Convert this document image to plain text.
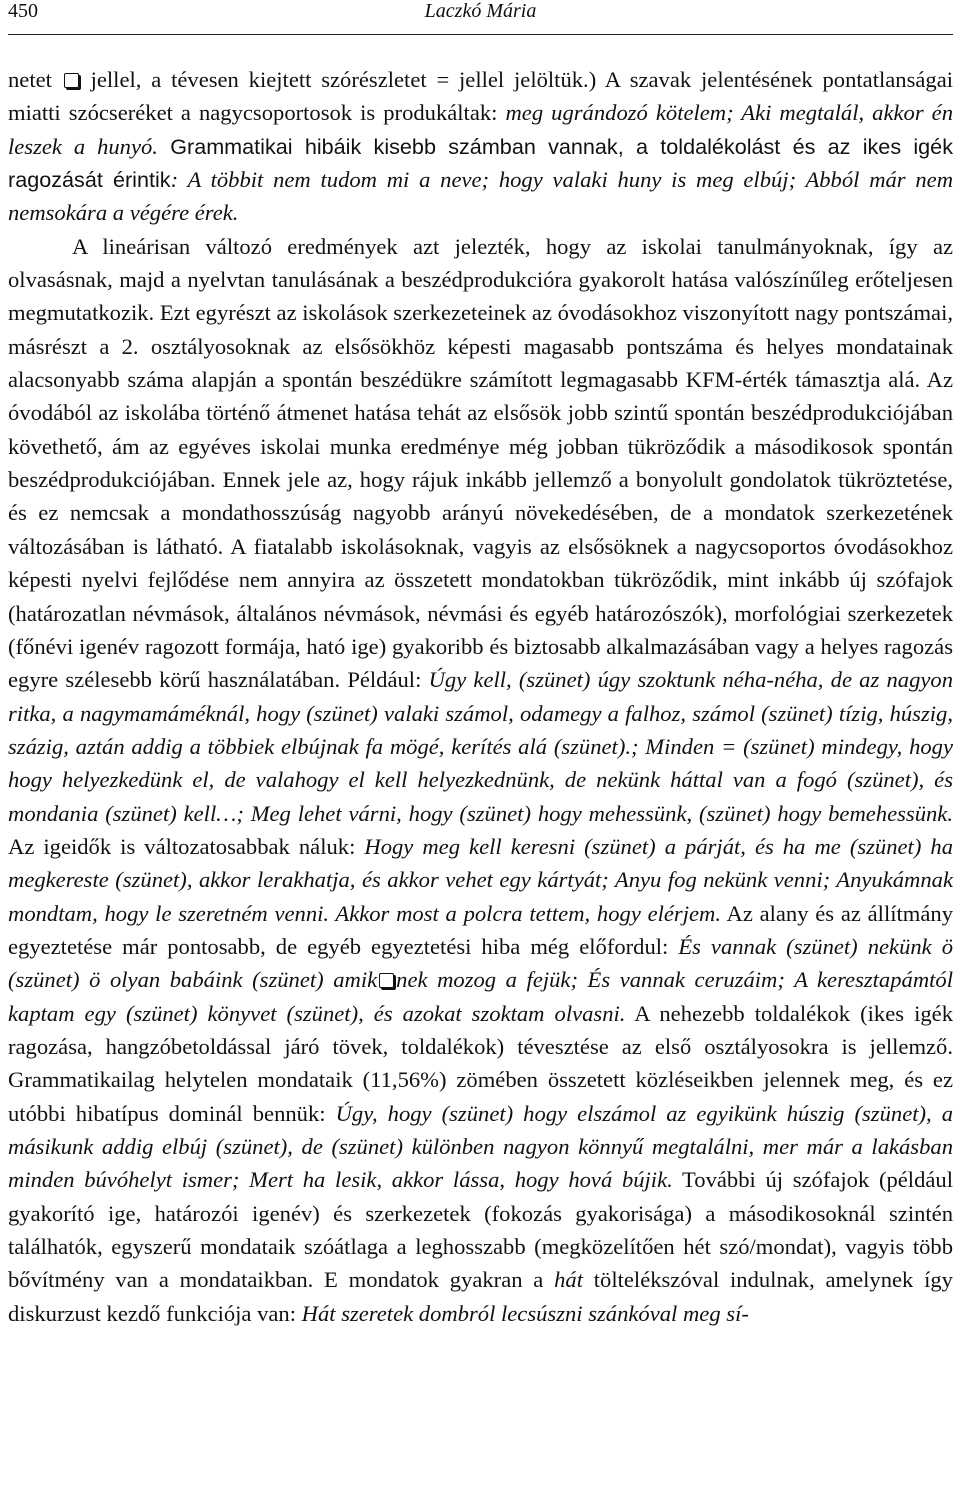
450	Laczkó Mária

netet  jellel, a tévesen kiejtett szórészletet = jellel jelöltük.) A szavak jelentésének pontatlanságai miatti szócseréket a nagycsoportosok is produkáltak: meg ugrándozó kötelem; Aki megtalál, akkor én leszek a hunyó. Grammatikai hibáik kisebb számban vannak, a toldalékolást és az ikes igék ragozását érintik: A többit nem tudom mi a neve; hogy valaki huny is meg elbúj; Abból már nem nemsokára a végére érek.

A lineárisan változó eredmények azt jelezték, hogy az iskolai tanulmányoknak, így az olvasásnak, majd a nyelvtan tanulásának a beszédprodukcióra gyakorolt hatása valószínűleg erőteljesen megmutatkozik. Ezt egyrészt az iskolások szerkezeteinek az óvodásokhoz viszonyított nagy pontszámai, másrészt a 2. osztályosoknak az elsősökhöz képesti magasabb pontszáma és helyes mondatainak alacsonyabb száma alapján a spontán beszédükre számított legmagasabb KFM-érték támasztja alá. Az óvodából az iskolába történő átmenet hatása tehát az elsősök jobb szintű spontán beszédprodukciójában követhető, ám az egyéves iskolai munka eredménye még jobban tükröződik a másodikosok spontán beszédprodukciójában. Ennek jele az, hogy rájuk inkább jellemző a bonyolult gondolatok tükröztetése, és ez nemcsak a mondathosszúság nagyobb arányú növekedésében, de a mondatok szerkezetének változásában is látható. A fiatalabb iskolásoknak, vagyis az elsősöknek a nagycsoportos óvodásokhoz képesti nyelvi fejlődése nem annyira az összetett mondatokban tükröződik, mint inkább új szófajok (határozatlan névmások, általános névmások, névmási és egyéb határozószók), morfológiai szerkezetek (főnévi igenév ragozott formája, ható ige) gyakoribb és biztosabb alkalmazásában vagy a helyes ragozás egyre szélesebb körű használatában. Például: Úgy kell, (szünet) úgy szoktunk néha-néha, de az nagyon ritka, a nagymamáméknál, hogy (szünet) valaki számol, odamegy a falhoz, számol (szünet) tízig, húszig, százig, aztán addig a többiek elbújnak fa mögé, kerítés alá (szünet).; Minden = (szünet) mindegy, hogy hogy helyezkedünk el, de valahogy el kell helyezkednünk, de nekünk háttal van a fogó (szünet), és mondania (szünet) kell…; Meg lehet várni, hogy (szünet) hogy mehessünk, (szünet) hogy bemehessünk. Az igeidők is változatosabbak náluk: Hogy meg kell keresni (szünet) a párját, és ha me (szünet) ha megkereste (szünet), akkor lerakhatja, és akkor vehet egy kártyát; Anyu fog nekünk venni; Anyukámnak mondtam, hogy le szeretném venni. Akkor most a polcra tettem, hogy elérjem. Az alany és az állítmány egyeztetése már pontosabb, de egyéb egyeztetési hiba még előfordul: És vannak (szünet) nekünk ö (szünet) ö olyan babáink (szünet) amik nek mozog a fejük; És vannak ceruzáim; A keresztapámtól kaptam egy (szünet) könyvet (szünet), és azokat szoktam olvasni. A nehezebb toldalékok (ikes igék ragozása, hangzóbetoldással járó tövek, toldalékok) tévesztése az első osztályosokra is jellemző. Grammatikailag helytelen mondataik (11,56%) zömében összetett közléseikben jelennek meg, és ez utóbbi hibatípus dominál bennük: Úgy, hogy (szünet) hogy elszámol az egyikünk húszig (szünet), a másikunk addig elbúj (szünet), de (szünet) különben nagyon könnyű megtalálni, mer már a lakásban minden búvóhelyt ismer; Mert ha lesik, akkor lássa, hogy hová bújik. További új szófajok (például gyakorító ige, határozói igenév) és szerkezetek (fokozás gyakorisága) a másodikosoknál szintén találhatók, egyszerű mondataik szóátlaga a leghosszabb (megközelítően hét szó/mondat), vagyis több bővítmény van a mondataikban. E mondatok gyakran a hát töltelékszóval indulnak, amelynek így diskurzust kezdő funkciója van: Hát szeretek dombról lecsúszni szánkóval meg sí-
